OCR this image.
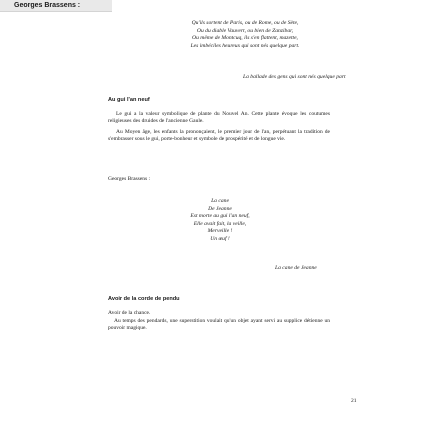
Georges Brassens :
Qu'ils sortent de Paris, ou de Rome, ou de Sète,
Ou du diable Vauvert, ou bien de Zanzibar,
Ou même de Montcuq, ils s'en flattent, mazette,
Les imbéciles heureux qui sont nés quelque part.
La ballade des gens qui sont nés quelque part
Au gui l'an neuf
Le gui a la valeur symbolique de plante du Nouvel An. Cette plante évoque les coutumes religieuses des druides de l'ancienne Gaule.
Au Moyen âge, les enfants la prononçaient, le premier jour de l'an, perpétuant la tradition de s'embrasser sous le gui, porte-bonheur et symbole de prospérité et de longue vie.
Georges Brassens :
La cane
De Jeanne
Est morte au gui l'an neuf,
Elle avait fait, la veille,
Merveille !
Un œuf !
La cane de Jeanne
Avoir de la corde de pendu
Avoir de la chance.
Au temps des pendards, une superstition voulait qu'un objet ayant servi au supplice détienne un pouvoir magique.
21
